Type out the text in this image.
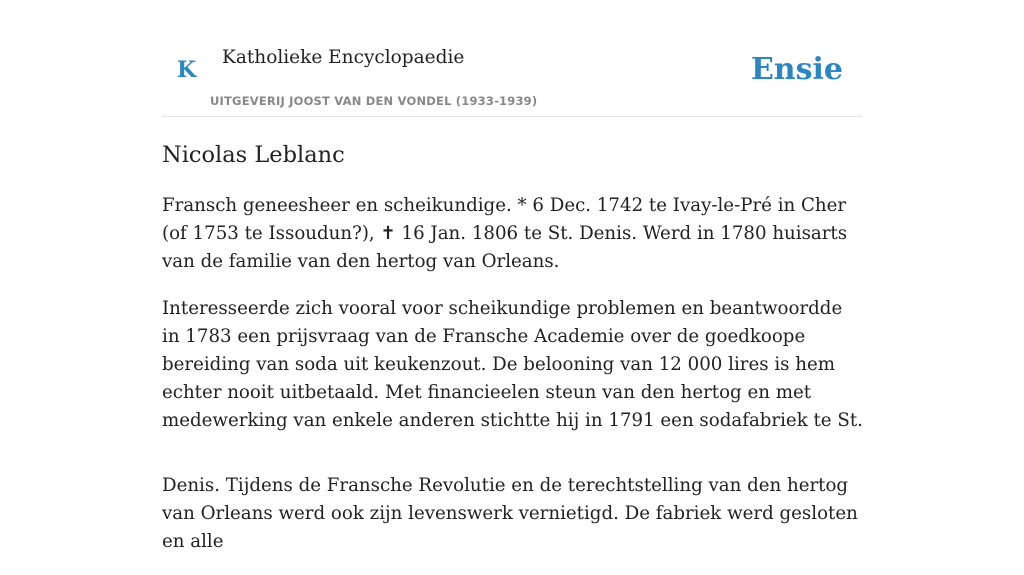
K Katholieke Encyclopaedie
UITGEVERIJ JOOST VAN DEN VONDEL (1933-1939)
Ensie
Nicolas Leblanc

Fransch geneesheer en scheikundige. * 6 Dec. 1742 te Ivay-le-Pré in Cher (of 1753 te Issoudun?), ✝ 16 Jan. 1806 te St. Denis. Werd in 1780 huisarts van de familie van den hertog van Orleans.

Interesseerde zich vooral voor scheikundige problemen en beantwoordde in 1783 een prijsvraag van de Fransche Academie over de goedkoope bereiding van soda uit keukenzout. De belooning van 12 000 lires is hem echter nooit uitbetaald. Met financieelen steun van den hertog en met medewerking van enkele anderen stichtte hij in 1791 een sodafabriek te St.

Denis. Tijdens de Fransche Revolutie en de terechtstelling van den hertog van Orleans werd ook zijn levenswerk vernietigd. De fabriek werd gesloten en alle
